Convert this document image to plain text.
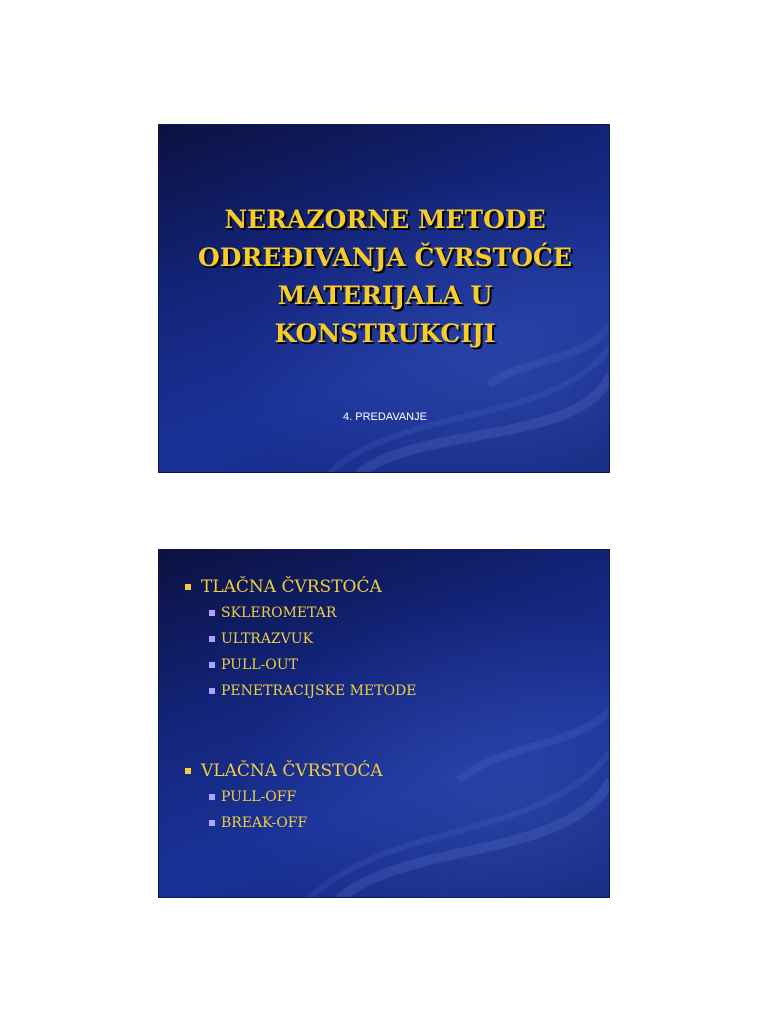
NERAZORNE METODE
ODREĐIVANJA ČVRSTOĆE
MATERIJALA U
KONSTRUKCIJI
4. PREDAVANJE
TLAČNA ČVRSTOĆA
SKLEROMETAR
ULTRAZVUK
PULL-OUT
PENETRACIJSKE METODE
VLAČNA ČVRSTOĆA
PULL-OFF
BREAK-OFF
